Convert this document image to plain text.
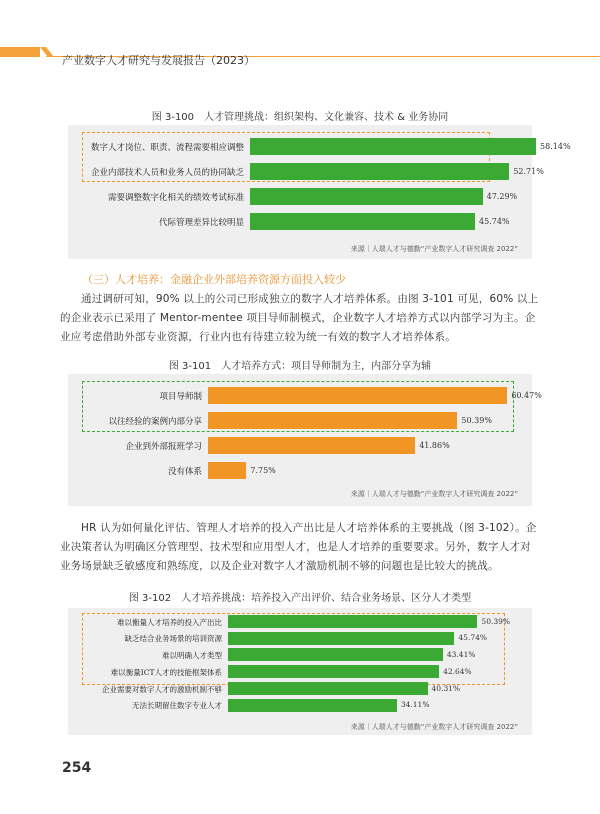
产业数字人才研究与发展报告（2023）
图 3-100　人才管理挑战：组织架构、文化兼容、技术 & 业务协同
来源｜人瑞人才与德勤“产业数字人才研究调查 2022”
数字人才岗位、职责、流程需要相应调整	58.14%
企业内部技术人员和业务人员的协同缺乏	52.71%
需要调整数字化相关的绩效考试标准	47.29%
代际管理差异比较明显	45.74%
（三）人才培养：金融企业外部培养资源方面投入较少
通过调研可知，90% 以上的公司已形成独立的数字人才培养体系。由图 3-101 可见，60% 以上的企业表示已采用了 Mentor-mentee 项目导师制模式，企业数字人才培养方式以内部学习为主。企业应考虑借助外部专业资源，行业内也有待建立较为统一有效的数字人才培养体系。
图 3-101　人才培养方式：项目导师制为主，内部分享为辅
来源｜人瑞人才与德勤“产业数字人才研究调查 2022”
项目导师制	60.47%
以往经验的案例内部分享	50.39%
企业到外部报班学习	41.86%
没有体系	7.75%
HR 认为如何量化评估、管理人才培养的投入产出比是人才培养体系的主要挑战（图 3-102）。企业决策者认为明确区分管理型、技术型和应用型人才，也是人才培养的重要要求。另外，数字人才对业务场景缺乏敏感度和熟练度，以及企业对数字人才激励机制不够的问题也是比较大的挑战。
图 3-102　人才培养挑战：培养投入产出评价、结合业务场景、区分人才类型
来源｜人瑞人才与德勤“产业数字人才研究调查 2022”
难以衡量人才培养的投入产出比	50.39%
缺乏结合业务场景的培训资源	45.74%
难以明确人才类型	43.41%
难以衡量ICT人才的技能框架体系	42.64%
企业需要对数字人才的激励机制不够	40.31%
无法长期留住数字专业人才	34.11%
254
